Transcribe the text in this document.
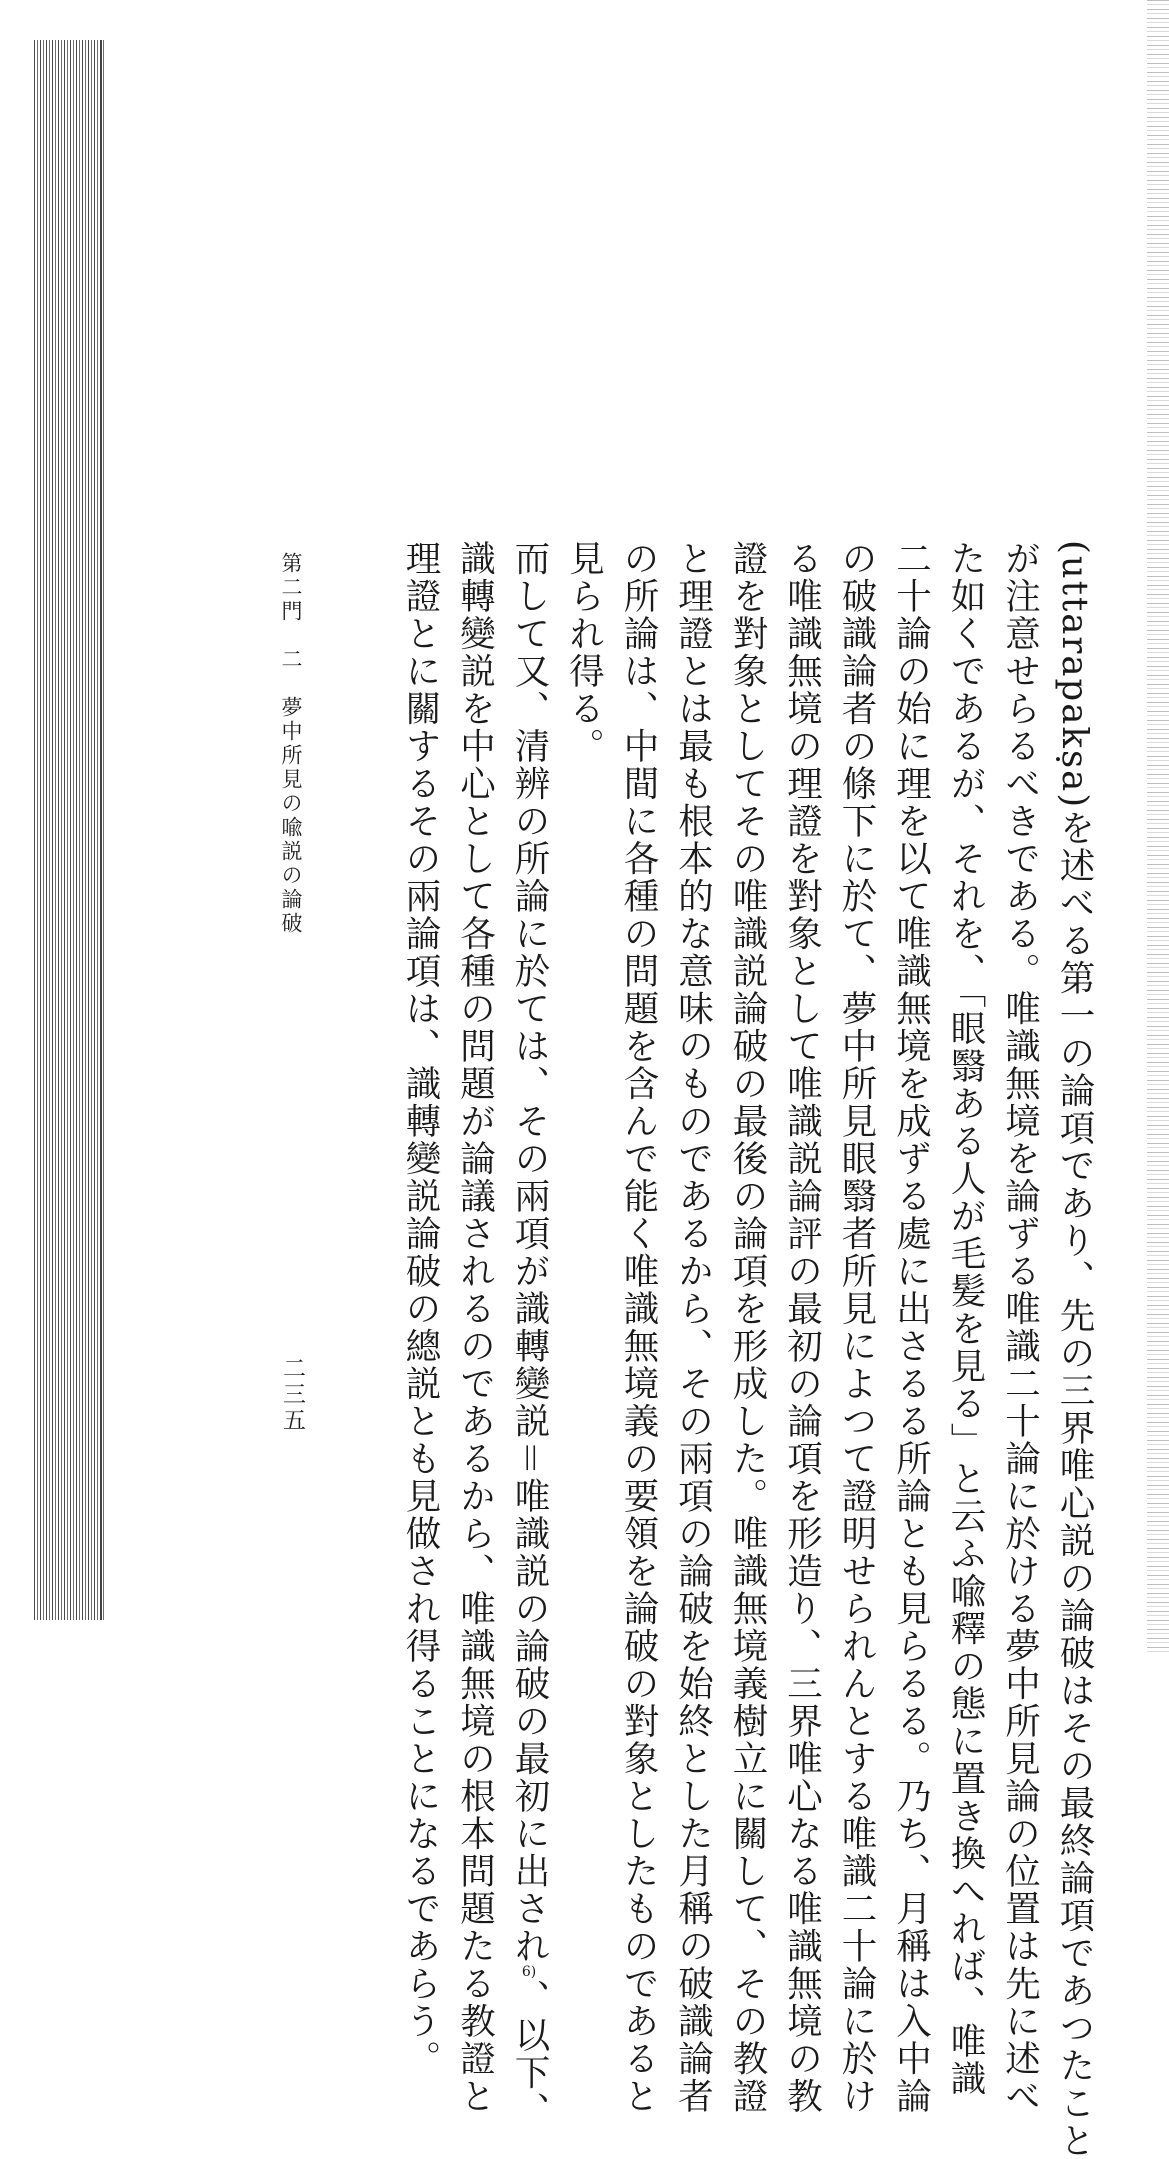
(uttarapakṣa)を述べる第一の論項であり、先の三界唯心説の論破はその最終論項であつたこと
が注意せらるべきである。唯識無境を論ずる唯識二十論に於ける夢中所見論の位置は先に述べ
た如くであるが、それを、「眼翳ある人が毛髪を見る」と云ふ喩釋の態に置き換へれば、唯識
二十論の始に理を以て唯識無境を成ずる處に出さるる所論とも見らるる。乃ち、月稱は入中論
の破識論者の條下に於て、夢中所見眼翳者所見によつて證明せられんとする唯識二十論に於け
る唯識無境の理證を對象として唯識説論評の最初の論項を形造り、三界唯心なる唯識無境の教
證を對象としてその唯識説論破の最後の論項を形成した。唯識無境義樹立に關して、その教證
と理證とは最も根本的な意味のものであるから、その兩項の論破を始終とした月稱の破識論者
の所論は、中間に各種の問題を含んで能く唯識無境義の要領を論破の對象としたものであると
見られ得る。
而して又、清辨の所論に於ては、その兩項が識轉變説＝唯識説の論破の最初に出され6)、以下、
識轉變説を中心として各種の問題が論議されるのであるから、唯識無境の根本問題たる教證と
理證とに關するその兩論項は、識轉變説論破の總説とも見做され得ることになるであらう。
第二門　二　夢中所見の喩説の論破
二三五
